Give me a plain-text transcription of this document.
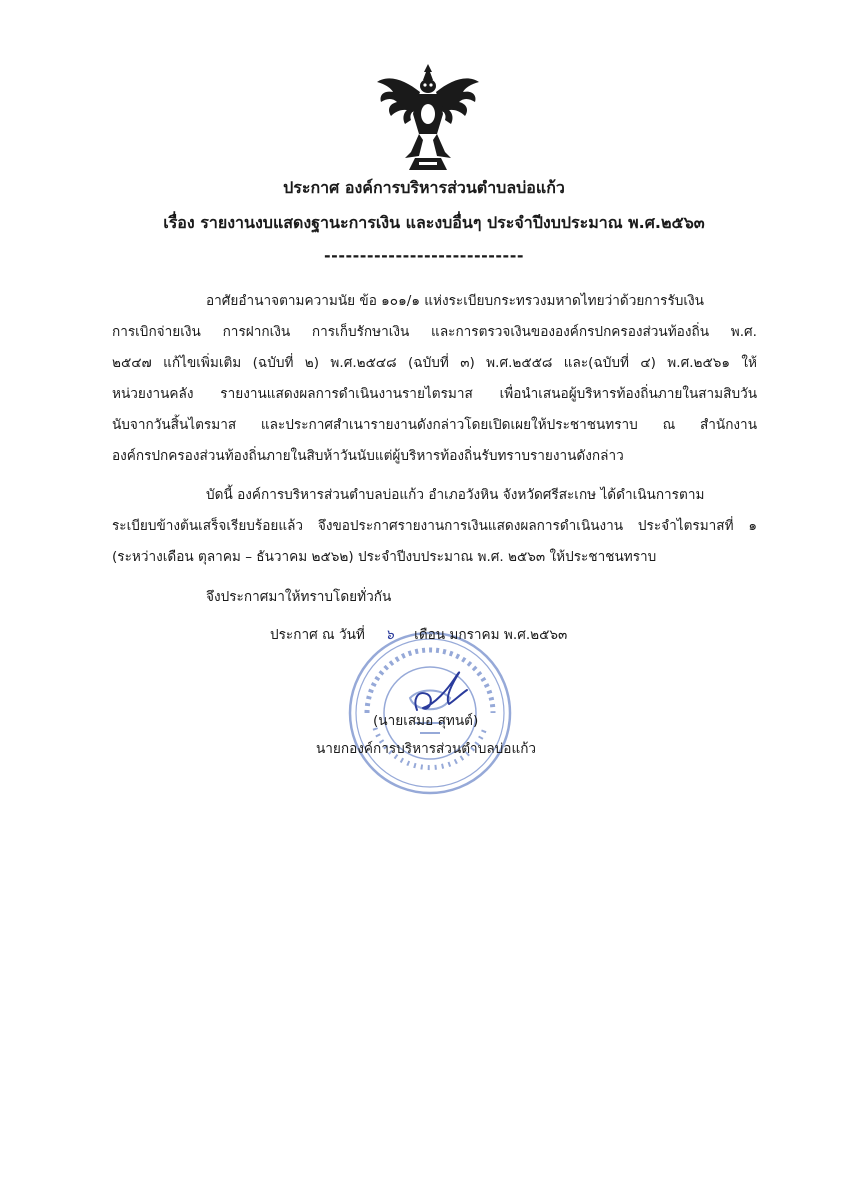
ประกาศ องค์การบริหารส่วนตำบลบ่อแก้ว
เรื่อง รายงานงบแสดงฐานะการเงิน และงบอื่นๆ ประจำปีงบประมาณ พ.ศ.๒๕๖๓
----------------------------
อาศัยอำนาจตามความนัย ข้อ ๑๐๑/๑ แห่งระเบียบกระทรวงมหาดไทยว่าด้วยการรับเงิน
การเบิกจ่ายเงิน การฝากเงิน การเก็บรักษาเงิน และการตรวจเงินขององค์กรปกครองส่วนท้องถิ่น พ.ศ.
๒๕๔๗ แก้ไขเพิ่มเติม (ฉบับที่ ๒) พ.ศ.๒๕๔๘ (ฉบับที่ ๓) พ.ศ.๒๕๕๘ และ(ฉบับที่ ๔) พ.ศ.๒๕๖๑ ให้
หน่วยงานคลัง รายงานแสดงผลการดำเนินงานรายไตรมาส เพื่อนำเสนอผู้บริหารท้องถิ่นภายในสามสิบวัน
นับจากวันสิ้นไตรมาส และประกาศสำเนารายงานดังกล่าวโดยเปิดเผยให้ประชาชนทราบ ณ สำนักงาน
องค์กรปกครองส่วนท้องถิ่นภายในสิบห้าวันนับแต่ผู้บริหารท้องถิ่นรับทราบรายงานดังกล่าว
บัดนี้ องค์การบริหารส่วนตำบลบ่อแก้ว อำเภอวังหิน จังหวัดศรีสะเกษ ได้ดำเนินการตาม
ระเบียบข้างต้นเสร็จเรียบร้อยแล้ว จึงขอประกาศรายงานการเงินแสดงผลการดำเนินงาน ประจำไตรมาสที่ ๑
(ระหว่างเดือน ตุลาคม – ธันวาคม ๒๕๖๒) ประจำปีงบประมาณ พ.ศ. ๒๕๖๓ ให้ประชาชนทราบ
จึงประกาศมาให้ทราบโดยทั่วกัน
ประกาศ ณ วันที่ ๖ เดือน มกราคม พ.ศ.๒๕๖๓
(นายเสมอ สุทนต์)
นายกองค์การบริหารส่วนตำบลบ่อแก้ว
